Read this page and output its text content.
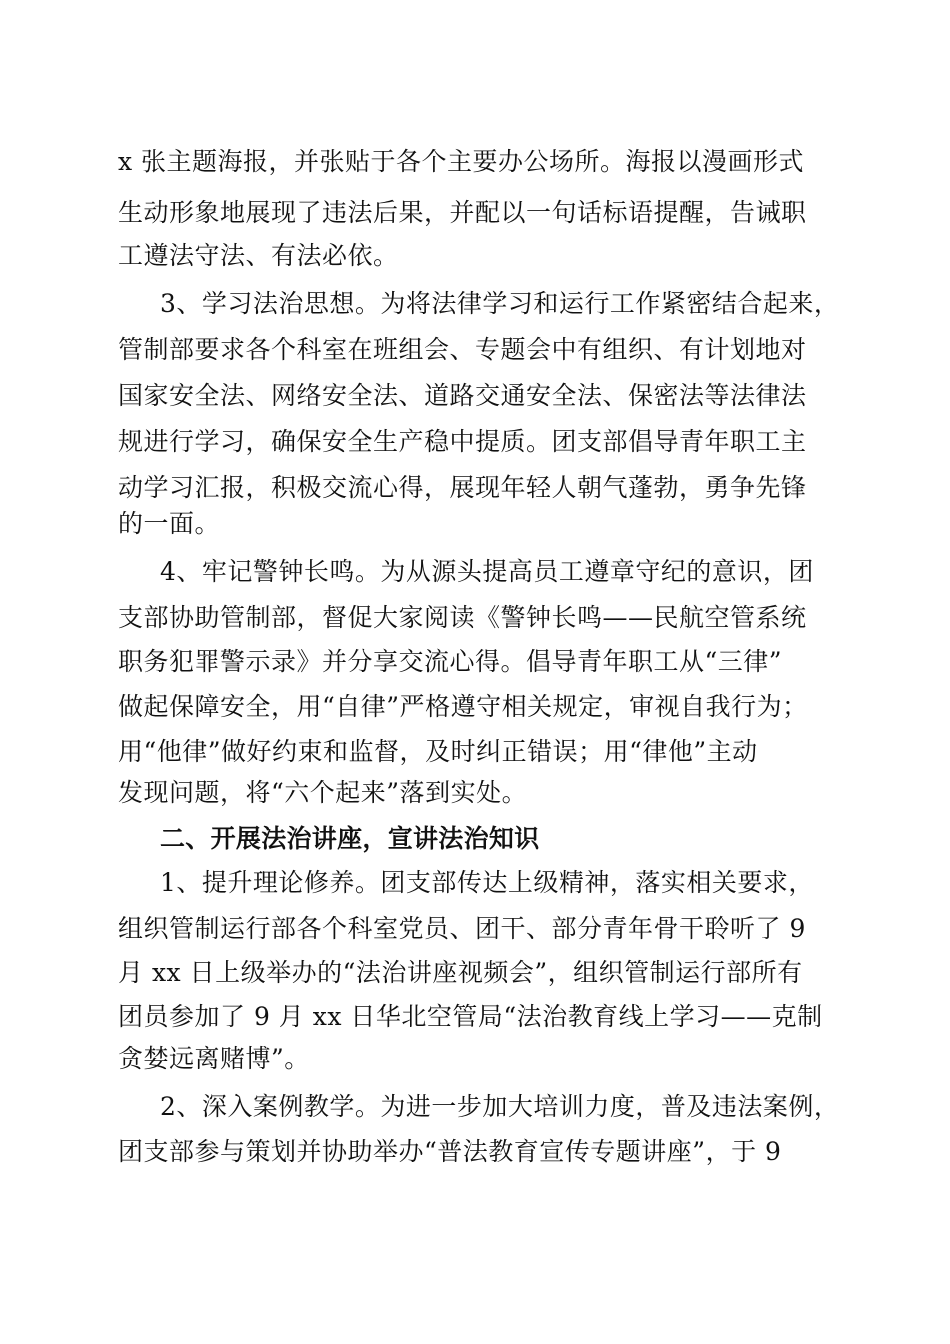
x 张主题海报，并张贴于各个主要办公场所。海报以漫画形式
生动形象地展现了违法后果，并配以一句话标语提醒，告诫职
工遵法守法、有法必依。
3、学习法治思想。为将法律学习和运行工作紧密结合起来，
管制部要求各个科室在班组会、专题会中有组织、有计划地对
国家安全法、网络安全法、道路交通安全法、保密法等法律法
规进行学习，确保安全生产稳中提质。团支部倡导青年职工主
动学习汇报，积极交流心得，展现年轻人朝气蓬勃，勇争先锋
的一面。
4、牢记警钟长鸣。为从源头提高员工遵章守纪的意识，团
支部协助管制部，督促大家阅读《警钟长鸣——民航空管系统
职务犯罪警示录》并分享交流心得。倡导青年职工从“三律”
做起保障安全，用“自律”严格遵守相关规定，审视自我行为；
用“他律”做好约束和监督，及时纠正错误；用“律他”主动
发现问题，将“六个起来”落到实处。
二、开展法治讲座，宣讲法治知识
1、提升理论修养。团支部传达上级精神，落实相关要求，
组织管制运行部各个科室党员、团干、部分青年骨干聆听了 9
月 xx 日上级举办的“法治讲座视频会”，组织管制运行部所有
团员参加了 9 月 xx 日华北空管局“法治教育线上学习——克制
贪婪远离赌博”。
2、深入案例教学。为进一步加大培训力度，普及违法案例，
团支部参与策划并协助举办“普法教育宣传专题讲座”，于 9
